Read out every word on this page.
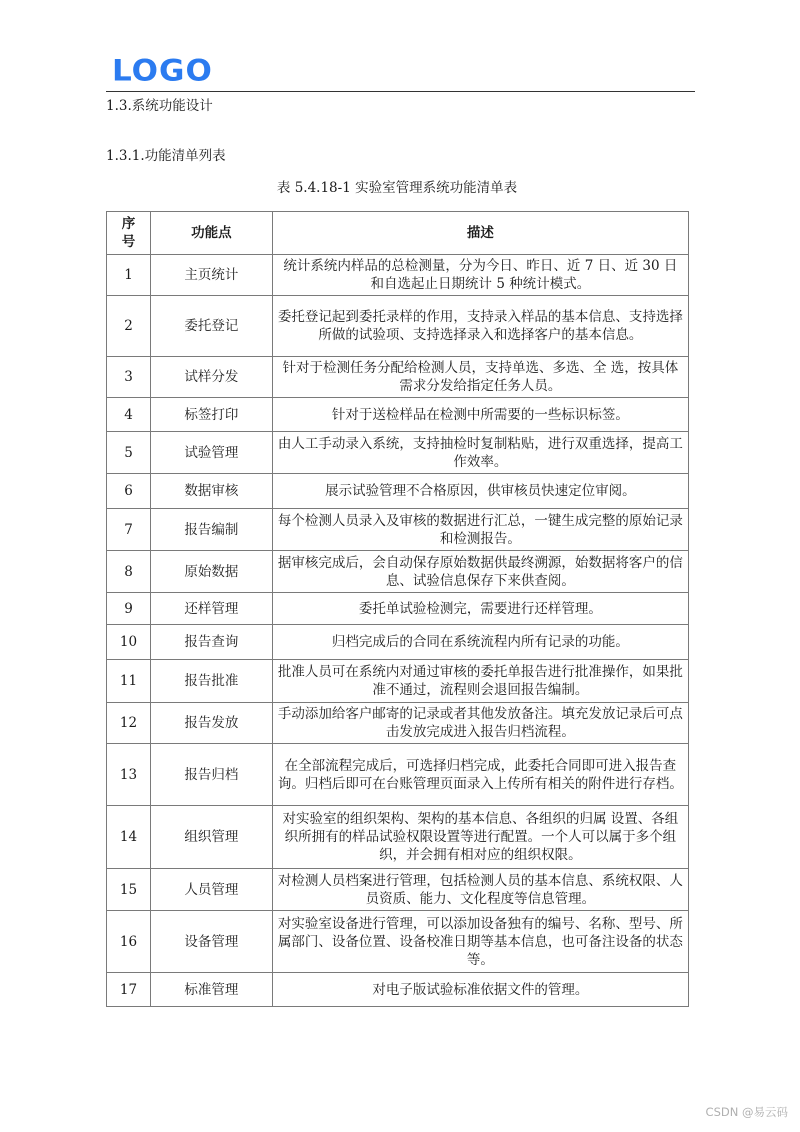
LOGO
1.3.系统功能设计
1.3.1.功能清单列表
表 5.4.18-1 实验室管理系统功能清单表
序号	功能点	描述
1	主页统计	统计系统内样品的总检测量，分为今日、昨日、近 7 日、近 30 日和自选起止日期统计 5 种统计模式。
2	委托登记	委托登记起到委托录样的作用，支持录入样品的基本信息、支持选择所做的试验项、支持选择录入和选择客户的基本信息。
3	试样分发	针对于检测任务分配给检测人员，支持单选、多选、全 选，按具体需求分发给指定任务人员。
4	标签打印	针对于送检样品在检测中所需要的一些标识标签。
5	试验管理	由人工手动录入系统，支持抽检时复制粘贴，进行双重选择，提高工作效率。
6	数据审核	展示试验管理不合格原因，供审核员快速定位审阅。
7	报告编制	每个检测人员录入及审核的数据进行汇总，一键生成完整的原始记录和检测报告。
8	原始数据	据审核完成后，会自动保存原始数据供最终溯源，始数据将客户的信息、试验信息保存下来供查阅。
9	还样管理	委托单试验检测完，需要进行还样管理。
10	报告查询	归档完成后的合同在系统流程内所有记录的功能。
11	报告批准	批准人员可在系统内对通过审核的委托单报告进行批准操作，如果批准不通过，流程则会退回报告编制。
12	报告发放	手动添加给客户邮寄的记录或者其他发放备注。填充发放记录后可点击发放完成进入报告归档流程。
13	报告归档	在全部流程完成后，可选择归档完成，此委托合同即可进入报告查询。归档后即可在台账管理页面录入上传所有相关的附件进行存档。
14	组织管理	对实验室的组织架构、架构的基本信息、各组织的归属 设置、各组织所拥有的样品试验权限设置等进行配置。一个人可以属于多个组织，并会拥有相对应的组织权限。
15	人员管理	对检测人员档案进行管理，包括检测人员的基本信息、系统权限、人员资质、能力、文化程度等信息管理。
16	设备管理	对实验室设备进行管理，可以添加设备独有的编号、名称、型号、所属部门、设备位置、设备校准日期等基本信息，也可备注设备的状态等。
17	标准管理	对电子版试验标准依据文件的管理。
CSDN @易云码
